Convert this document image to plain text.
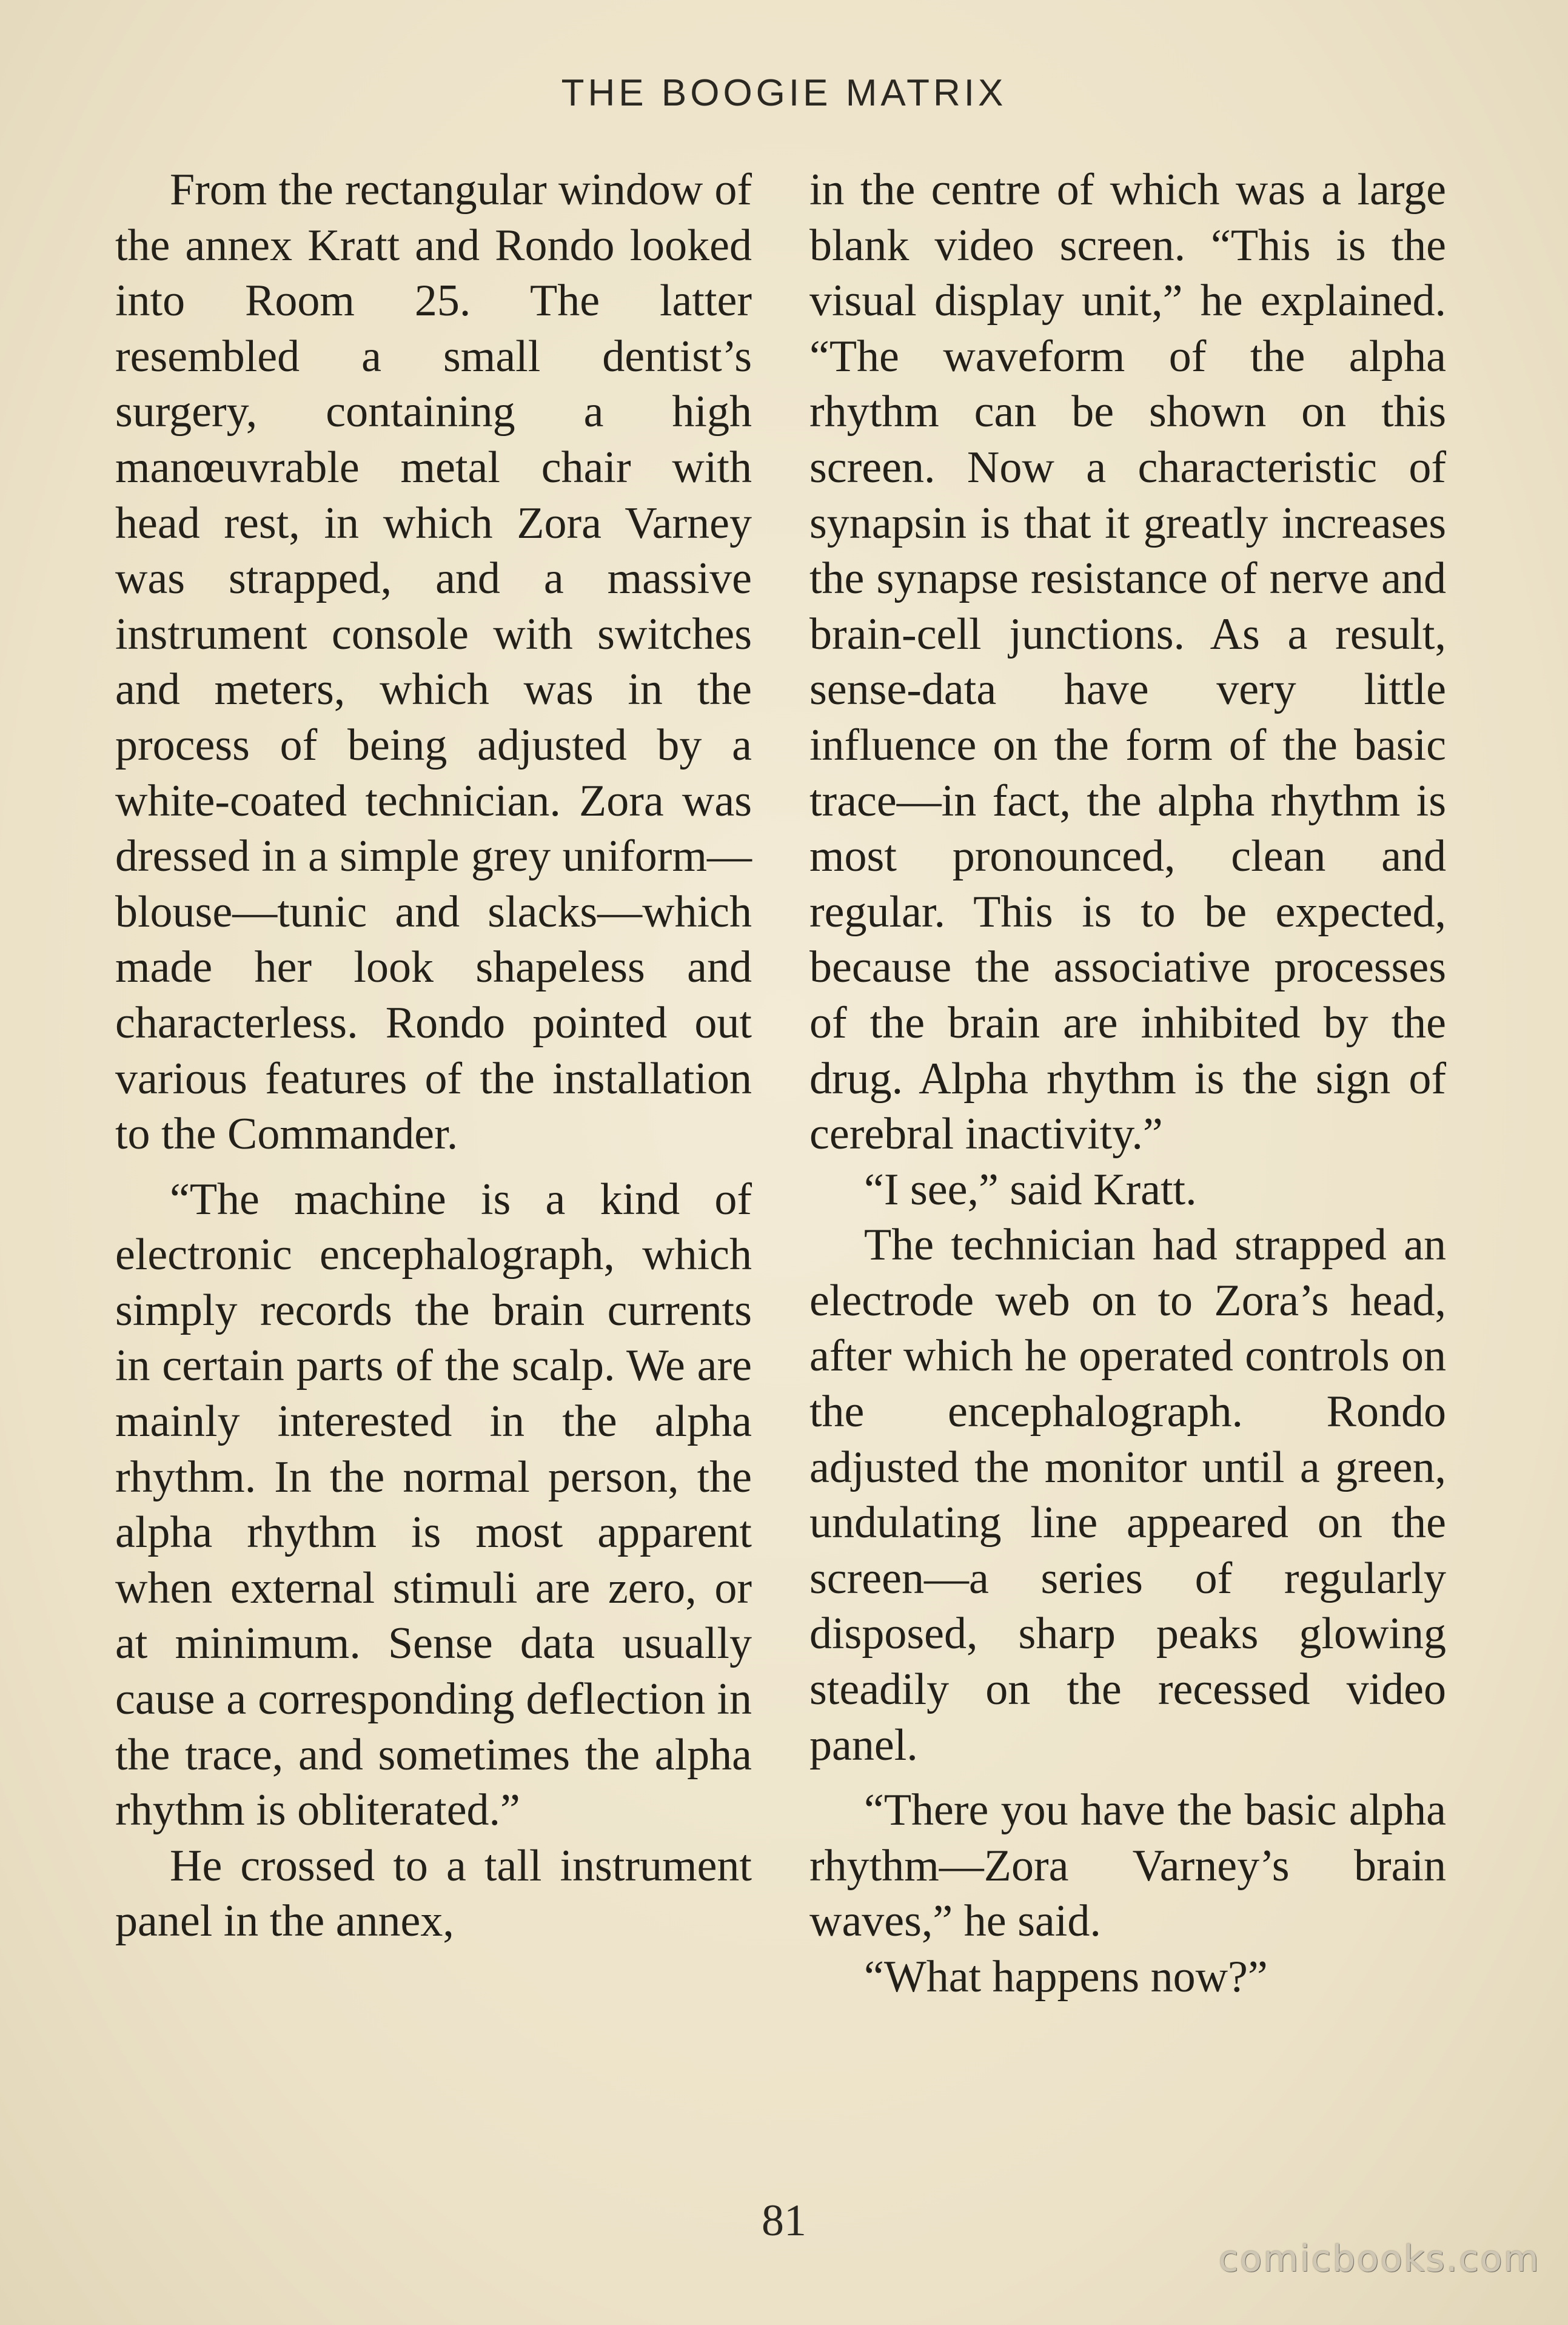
THE BOOGIE MATRIX

From the rectangular window of the annex Kratt and Rondo looked into Room 25. The latter resembled a small dentist’s surgery, containing a high manœuvrable metal chair with head rest, in which Zora Varney was strapped, and a massive instrument console with switches and meters, which was in the process of being adjusted by a white-coated technician. Zora was dressed in a simple grey uniform—blouse—tunic and slacks—which made her look shapeless and characterless. Rondo pointed out various features of the installation to the Commander.

“The machine is a kind of electronic encephalograph, which simply records the brain currents in certain parts of the scalp. We are mainly interested in the alpha rhythm. In the normal person, the alpha rhythm is most apparent when external stimuli are zero, or at minimum. Sense data usually cause a corresponding deflection in the trace, and sometimes the alpha rhythm is obliterated.”

He crossed to a tall instrument panel in the annex,

in the centre of which was a large blank video screen. “This is the visual display unit,” he explained. “The waveform of the alpha rhythm can be shown on this screen. Now a characteristic of synapsin is that it greatly increases the synapse resistance of nerve and brain-cell junctions. As a result, sense-data have very little influence on the form of the basic trace—in fact, the alpha rhythm is most pronounced, clean and regular. This is to be expected, because the associative processes of the brain are inhibited by the drug. Alpha rhythm is the sign of cerebral inactivity.”

“I see,” said Kratt.

The technician had strapped an electrode web on to Zora’s head, after which he operated controls on the encephalograph. Rondo adjusted the monitor until a green, undulating line appeared on the screen—a series of regularly disposed, sharp peaks glowing steadily on the recessed video panel.

“There you have the basic alpha rhythm—Zora Varney’s brain waves,” he said.

“What happens now?”

81
comicbooks.com
